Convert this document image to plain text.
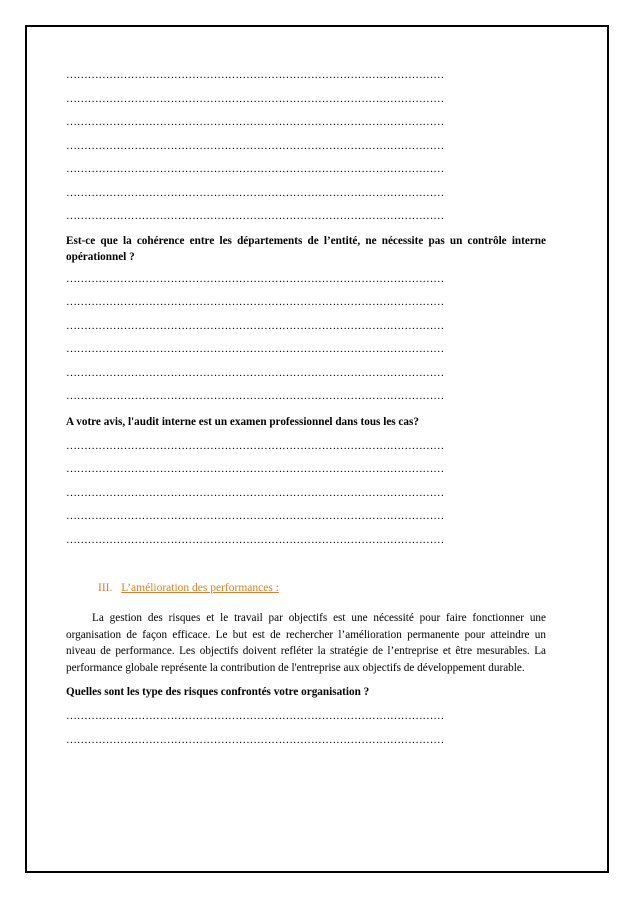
……………………………………………………………………………………………
……………………………………………………………………………………………
……………………………………………………………………………………………
……………………………………………………………………………………………
……………………………………………………………………………………………
……………………………………………………………………………………………
……………………………………………………………………………………………
Est-ce que la cohérence entre les départements de l’entité, ne nécessite pas un contrôle interne opérationnel ?
……………………………………………………………………………………………
……………………………………………………………………………………………
……………………………………………………………………………………………
……………………………………………………………………………………………
……………………………………………………………………………………………
……………………………………………………………………………………………
A votre avis, l'audit interne est un examen professionnel dans tous les cas?
……………………………………………………………………………………………
……………………………………………………………………………………………
……………………………………………………………………………………………
……………………………………………………………………………………………
……………………………………………………………………………………………
III. L’amélioration des performances :
La gestion des risques et le travail par objectifs est une nécessité pour faire fonctionner une organisation de façon efficace. Le but est de rechercher l’amélioration permanente pour atteindre un niveau de performance. Les objectifs doivent refléter la stratégie de l’entreprise et être mesurables. La performance globale représente la contribution de l'entreprise aux objectifs de développement durable.
Quelles sont les type des risques confrontés votre organisation ?
……………………………………………………………………………………………
……………………………………………………………………………………………
